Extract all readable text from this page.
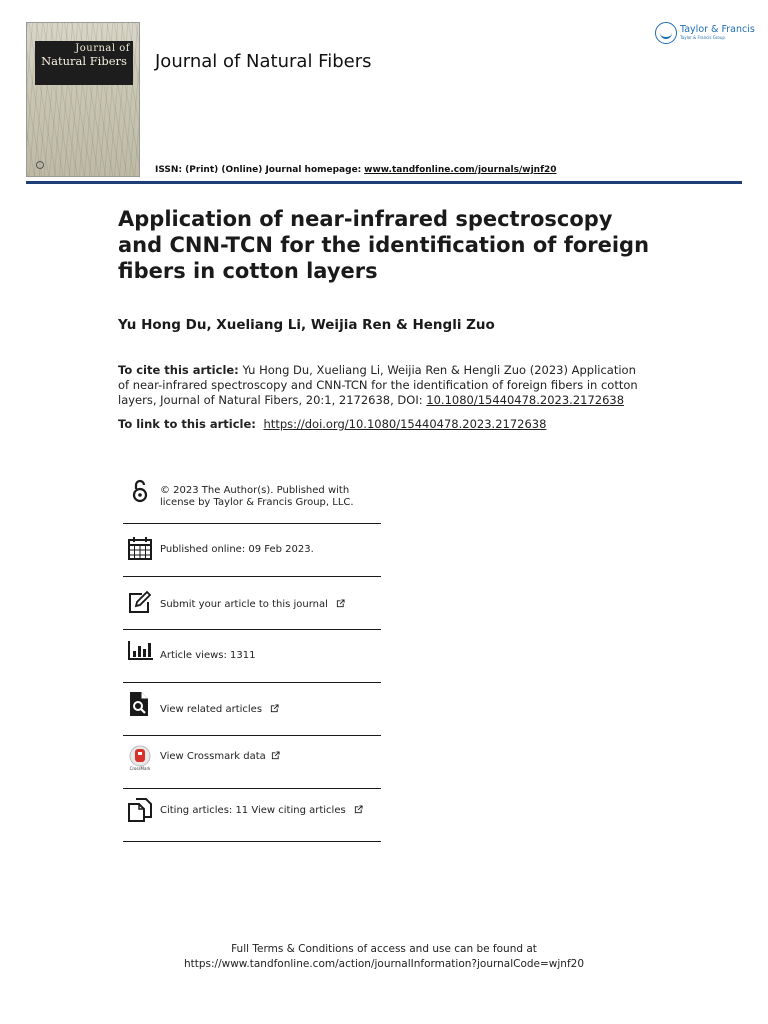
Journal of
Natural Fibers	Journal of Natural Fibers
ISSN: (Print) (Online) Journal homepage: www.tandfonline.com/journals/wjnf20
Taylor & Francis
Taylor & Francis Group
Application of near-infrared spectroscopy and CNN-TCN for the identification of foreign fibers in cotton layers
Yu Hong Du, Xueliang Li, Weijia Ren & Hengli Zuo
To cite this article: Yu Hong Du, Xueliang Li, Weijia Ren & Hengli Zuo (2023) Application of near-infrared spectroscopy and CNN-TCN for the identification of foreign fibers in cotton layers, Journal of Natural Fibers, 20:1, 2172638, DOI: 10.1080/15440478.2023.2172638
To link to this article: https://doi.org/10.1080/15440478.2023.2172638
© 2023 The Author(s). Published with
license by Taylor & Francis Group, LLC.
Published online: 09 Feb 2023.
Submit your article to this journal
Article views: 1311
View related articles
CrossMark
View Crossmark data
Citing articles: 11 View citing articles
Full Terms & Conditions of access and use can be found at
https://www.tandfonline.com/action/journalInformation?journalCode=wjnf20
